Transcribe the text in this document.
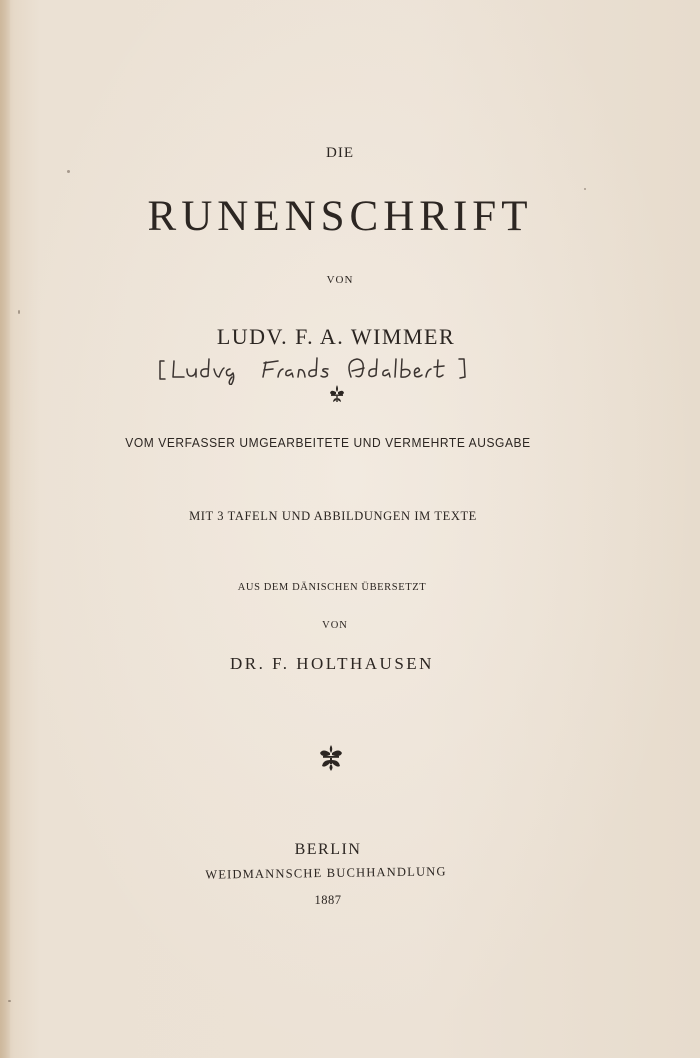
DIE
RUNENSCHRIFT
VON
LUDV. F. A. WIMMER
VOM VERFASSER UMGEARBEITETE UND VERMEHRTE AUSGABE
MIT 3 TAFELN UND ABBILDUNGEN IM TEXTE
AUS DEM DÄNISCHEN ÜBERSETZT
VON
DR. F. HOLTHAUSEN
BERLIN
WEIDMANNSCHE BUCHHANDLUNG
1887
